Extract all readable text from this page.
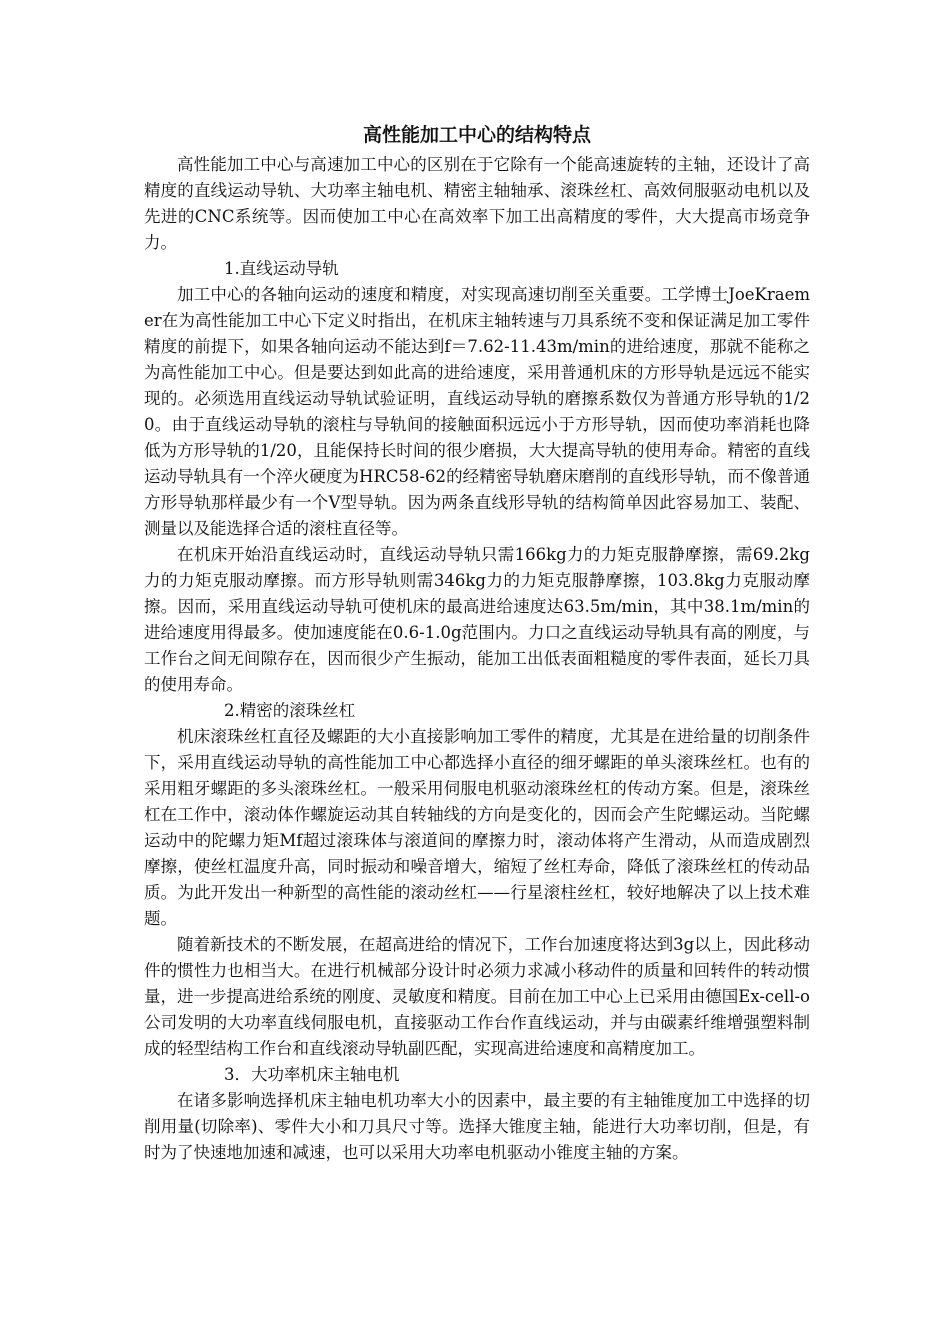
高性能加工中心的结构特点

高性能加工中心与高速加工中心的区别在于它除有一个能高速旋转的主轴，还设计了高精度的直线运动导轨、大功率主轴电机、精密主轴轴承、滚珠丝杠、高效伺服驱动电机以及先进的CNC系统等。因而使加工中心在高效率下加工出高精度的零件，大大提高市场竞争力。

1.直线运动导轨

加工中心的各轴向运动的速度和精度，对实现高速切削至关重要。工学博士JoeKraemer在为高性能加工中心下定义时指出，在机床主轴转速与刀具系统不变和保证满足加工零件精度的前提下，如果各轴向运动不能达到f＝7.62-11.43m/min的进给速度，那就不能称之为高性能加工中心。但是要达到如此高的进给速度，采用普通机床的方形导轨是远远不能实现的。必须选用直线运动导轨试验证明，直线运动导轨的磨擦系数仅为普通方形导轨的1/20。由于直线运动导轨的滚柱与导轨间的接触面积远远小于方形导轨，因而使功率消耗也降低为方形导轨的1/20，且能保持长时间的很少磨损，大大提高导轨的使用寿命。精密的直线运动导轨具有一个淬火硬度为HRC58-62的经精密导轨磨床磨削的直线形导轨，而不像普通方形导轨那样最少有一个V型导轨。因为两条直线形导轨的结构简单因此容易加工、装配、测量以及能选择合适的滚柱直径等。

在机床开始沿直线运动时，直线运动导轨只需166kg力的力矩克服静摩擦，需69.2kg力的力矩克服动摩擦。而方形导轨则需346kg力的力矩克服静摩擦，103.8kg力克服动摩擦。因而，采用直线运动导轨可使机床的最高进给速度达63.5m/min，其中38.1m/min的进给速度用得最多。使加速度能在0.6-1.0g范围内。力口之直线运动导轨具有高的刚度，与工作台之间无间隙存在，因而很少产生振动，能加工出低表面粗糙度的零件表面，延长刀具的使用寿命。

2.精密的滚珠丝杠

机床滚珠丝杠直径及螺距的大小直接影响加工零件的精度，尤其是在进给量的切削条件下，采用直线运动导轨的高性能加工中心都选择小直径的细牙螺距的单头滚珠丝杠。也有的采用粗牙螺距的多头滚珠丝杠。一般采用伺服电机驱动滚珠丝杠的传动方案。但是，滚珠丝杠在工作中，滚动体作螺旋运动其自转轴线的方向是变化的，因而会产生陀螺运动。当陀螺运动中的陀螺力矩Mf超过滚珠体与滚道间的摩擦力时，滚动体将产生滑动，从而造成剧烈摩擦，使丝杠温度升高，同时振动和噪音增大，缩短了丝杠寿命，降低了滚珠丝杠的传动品质。为此开发出一种新型的高性能的滚动丝杠——行星滚柱丝杠，较好地解决了以上技术难题。

随着新技术的不断发展，在超高进给的情况下，工作台加速度将达到3g以上，因此移动件的惯性力也相当大。在进行机械部分设计时必须力求减小移动件的质量和回转件的转动惯量，进一步提高进给系统的刚度、灵敏度和精度。目前在加工中心上已采用由德国Ex-cell-o公司发明的大功率直线伺服电机，直接驱动工作台作直线运动，并与由碳素纤维增强塑料制成的轻型结构工作台和直线滚动导轨副匹配，实现高进给速度和高精度加工。

3．大功率机床主轴电机

在诸多影响选择机床主轴电机功率大小的因素中，最主要的有主轴锥度加工中选择的切削用量(切除率)、零件大小和刀具尺寸等。选择大锥度主轴，能进行大功率切削，但是，有时为了快速地加速和减速，也可以采用大功率电机驱动小锥度主轴的方案。
